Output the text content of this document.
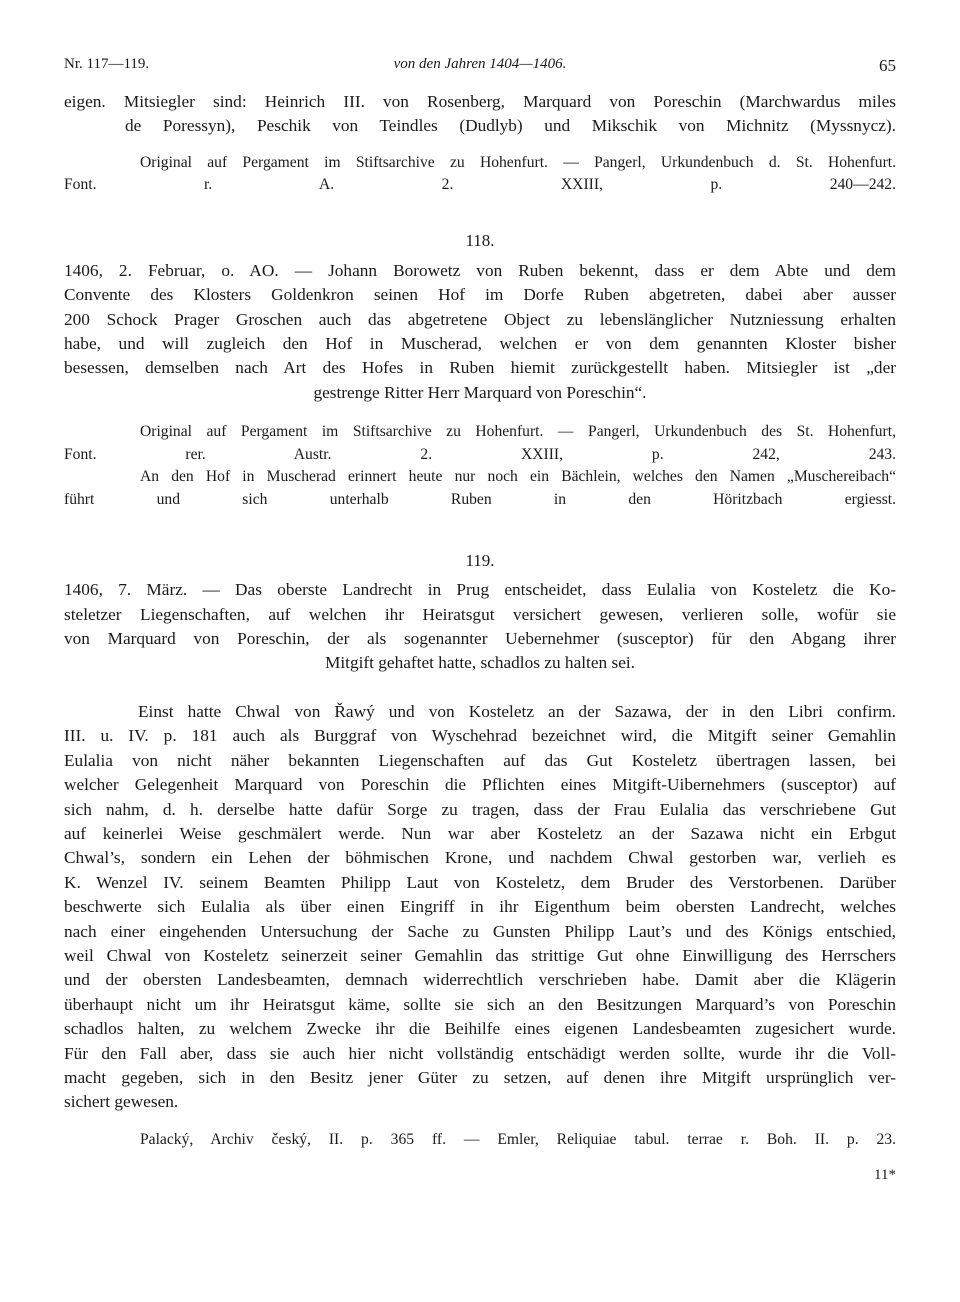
Nr. 117—119.	von den Jahren 1404—1406.	65

eigen. Mitsiegler sind: Heinrich III. von Rosenberg, Marquard von Poreschin (Marchwardus miles

de Poressyn), Peschik von Teindles (Dudlyb) und Mikschik von Michnitz (Myssnycz).

Original auf Pergament im Stiftsarchive zu Hohenfurt. — Pangerl, Urkundenbuch d. St. Hohenfurt.

Font. r. A. 2. XXIII, p. 240—242.

118.

1406, 2. Februar, o. AO. — Johann Borowetz von Ruben bekennt, dass er dem Abte und dem

Convente des Klosters Goldenkron seinen Hof im Dorfe Ruben abgetreten, dabei aber ausser

200 Schock Prager Groschen auch das abgetretene Object zu lebenslänglicher Nutzniessung erhalten

habe, und will zugleich den Hof in Muscherad, welchen er von dem genannten Kloster bisher

besessen, demselben nach Art des Hofes in Ruben hiemit zurückgestellt haben. Mitsiegler ist „der

gestrenge Ritter Herr Marquard von Poreschin“.

Original auf Pergament im Stiftsarchive zu Hohenfurt. — Pangerl, Urkundenbuch des St. Hohenfurt,

Font. rer. Austr. 2. XXIII, p. 242, 243.

An den Hof in Muscherad erinnert heute nur noch ein Bächlein, welches den Namen „Muschereibach“

führt und sich unterhalb Ruben in den Höritzbach ergiesst.

119.

1406, 7. März. — Das oberste Landrecht in Prug entscheidet, dass Eulalia von Kosteletz die Ko-

steletzer Liegenschaften, auf welchen ihr Heiratsgut versichert gewesen, verlieren solle, wofür sie

von Marquard von Poreschin, der als sogenannter Uebernehmer (susceptor) für den Abgang ihrer

Mitgift gehaftet hatte, schadlos zu halten sei.

Einst hatte Chwal von Řawý und von Kosteletz an der Sazawa, der in den Libri confirm.

III. u. IV. p. 181 auch als Burggraf von Wyschehrad bezeichnet wird, die Mitgift seiner Gemahlin

Eulalia von nicht näher bekannten Liegenschaften auf das Gut Kosteletz übertragen lassen, bei

welcher Gelegenheit Marquard von Poreschin die Pflichten eines Mitgift-Uibernehmers (susceptor) auf

sich nahm, d. h. derselbe hatte dafür Sorge zu tragen, dass der Frau Eulalia das verschriebene Gut

auf keinerlei Weise geschmälert werde. Nun war aber Kosteletz an der Sazawa nicht ein Erbgut

Chwal’s, sondern ein Lehen der böhmischen Krone, und nachdem Chwal gestorben war, verlieh es

K. Wenzel IV. seinem Beamten Philipp Laut von Kosteletz, dem Bruder des Verstorbenen. Darüber

beschwerte sich Eulalia als über einen Eingriff in ihr Eigenthum beim obersten Landrecht, welches

nach einer eingehenden Untersuchung der Sache zu Gunsten Philipp Laut’s und des Königs entschied,

weil Chwal von Kosteletz seinerzeit seiner Gemahlin das strittige Gut ohne Einwilligung des Herrschers

und der obersten Landesbeamten, demnach widerrechtlich verschrieben habe. Damit aber die Klägerin

überhaupt nicht um ihr Heiratsgut käme, sollte sie sich an den Besitzungen Marquard’s von Poreschin

schadlos halten, zu welchem Zwecke ihr die Beihilfe eines eigenen Landesbeamten zugesichert wurde.

Für den Fall aber, dass sie auch hier nicht vollständig entschädigt werden sollte, wurde ihr die Voll-

macht gegeben, sich in den Besitz jener Güter zu setzen, auf denen ihre Mitgift ursprünglich ver-

sichert gewesen.

Palacký, Archiv český, II. p. 365 ff. — Emler, Reliquiae tabul. terrae r. Boh. II. p. 23.

11*
